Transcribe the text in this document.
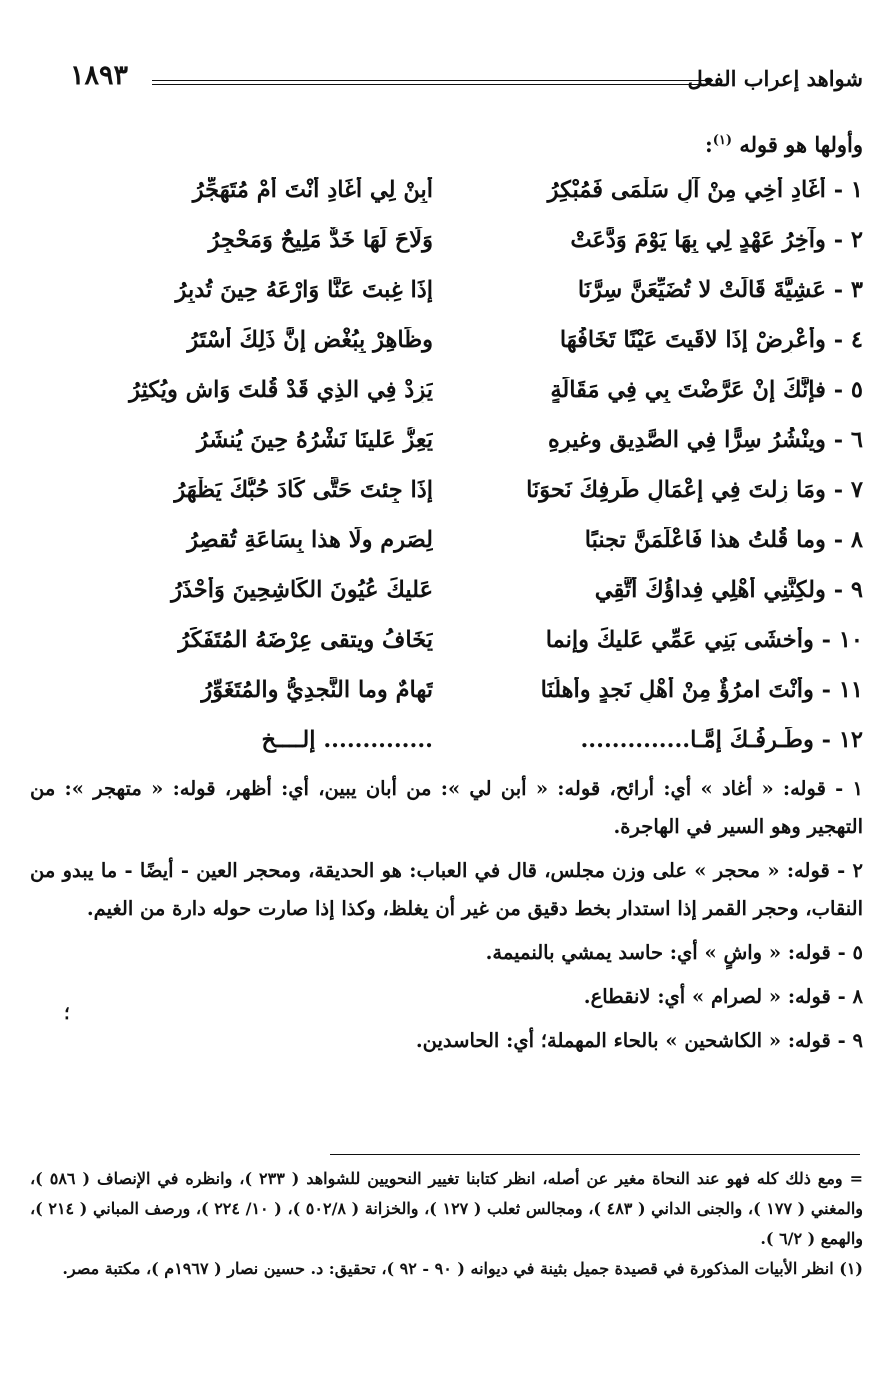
شواهد إعراب الفعل
١٨٩٣
وأولها هو قوله $^{(١)}$:
١ - أَغَادِ أَخِي مِنْ آلِ سَلْمَى فَمُبْكِرُ
أَبِنْ لِي أَغَادِ أَنْتَ أَمْ مُتَهَجِّرُ
٢ - وآخِرُ عَهْدٍ لِي بِهَا يَوْمَ وَدَّعَتْ
وَلَاحَ لَهَا خَدٌّ مَلِيحٌ وَمَحْجِرُ
٣ - عَشِيَّةَ قَالَتْ لا تُضَيِّعَنَّ سِرَّنَا
إِذَا غِبتَ عَنَّا وَارْعَهُ حِينَ تُدبِرُ
٤ - وأَعْرِضْ إِذَا لاقَيتَ عَيْنًا تَخَافُهَا
وظَاهِرْ بِبُغْضٍ إِنَّ ذَلِكَ أَسْتَرُ
٥ - فإِنَّكَ إِنْ عَرَّضْتَ بِي فِي مَقَالَةٍ
يَزِدْ فِي الذِي قَدْ قُلتَ وَاشٍ ويُكثِرُ
٦ - وينْشُرُ سِرًّا فِي الصَّدِيقِ وغيرِهِ
يَعِزُّ عَلينَا نَشْرُهُ حِينَ يُنشَرُ
٧ - ومَا زِلتَ فِي إِعْمَالِ طَرفِكَ نَحوَنَا
إِذَا جِئتَ حَتَّى كَادَ حُبُّكَ يَظْهَرُ
٨ - وما قُلتُ هذا فَاعْلَمَنَّ تجنبًا
لِصَرمٍ ولَا هذا بِسَاعَةِ تُقصِرُ
٩ - ولكِنَّنِي أَهْلِي فِداؤُكَ أَتَّقِي
عَليكَ عُيُونَ الكَاشِحِينَ وَأَحْذَرُ
١٠ - وأَخشَى بَنِي عَمِّي عَليكَ وإنما
يَخَافُ ويتقى عِرْضَهُ المُتَفَكِّرُ
١١ - وأَنْتَ امرُؤٌ مِنْ أَهْلِ نَجدٍ وأَهلُنَا
تَهامٌ وما النَّجدِيُّ والمُتَغَوِّرُ
١٢ - وطَـرفُـكَ إِمَّـا..............
.............. إلــــخ

١ - قوله: « أغاد » أي: أرائح، قوله: « أبن لي »: من أبان يبين، أي: أظهر، قوله: « متهجر »: من التهجير وهو السير في الهاجرة.

٢ - قوله: « محجر » على وزن مجلس، قال في العباب: هو الحديقة، ومحجر العين - أيضًا - ما يبدو من النقاب، وحجر القمر إذا استدار بخط دقيق من غير أن يغلظ، وكذا إذا صارت حوله دارة من الغيم.

٥ - قوله: « واشٍ » أي: حاسد يمشي بالنميمة.

٨ - قوله: « لصرام » أي: لانقطاع.

٩ - قوله: « الكاشحين » بالحاء المهملة؛ أي: الحاسدين.

؛

= ومع ذلك كله فهو عند النحاة مغير عن أصله، انظر كتابنا تغيير النحويين للشواهد ( ٢٣٣ )، وانظره في الإنصاف ( ٥٨٦ )، والمغني ( ١٧٧ )، والجنى الداني ( ٤٨٣ )، ومجالس ثعلب ( ١٢٧ )، والخزانة ( ٥٠٢/٨ )، ( ١٠/ ٢٢٤ )، ورصف المباني ( ٢١٤ )، والهمع ( ٦/٢ ).

(١) انظر الأبيات المذكورة في قصيدة جميل بثينة في ديوانه ( ٩٠ - ٩٢ )، تحقيق: د. حسين نصار ( ١٩٦٧م )، مكتبة مصر.
